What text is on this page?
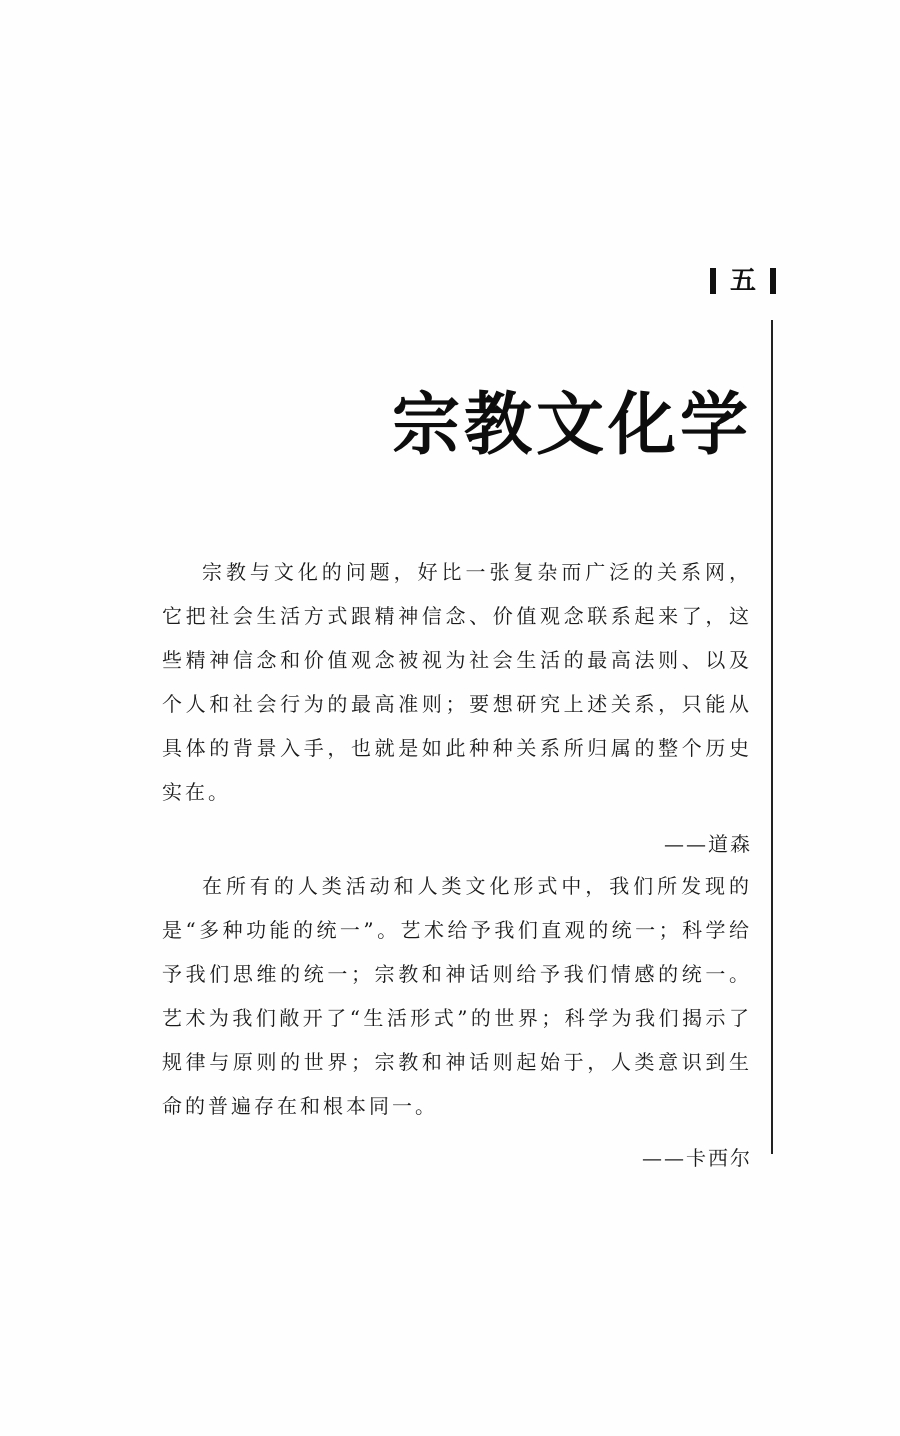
五
宗教文化学

宗教与文化的问题，好比一张复杂而广泛的关系网，它把社会生活方式跟精神信念、价值观念联系起来了，这些精神信念和价值观念被视为社会生活的最高法则、以及个人和社会行为的最高准则；要想研究上述关系，只能从具体的背景入手，也就是如此种种关系所归属的整个历史实在。

——道森

在所有的人类活动和人类文化形式中，我们所发现的是“多种功能的统一”。艺术给予我们直观的统一；科学给予我们思维的统一；宗教和神话则给予我们情感的统一。艺术为我们敞开了“生活形式”的世界；科学为我们揭示了规律与原则的世界；宗教和神话则起始于，人类意识到生命的普遍存在和根本同一。

——卡西尔
